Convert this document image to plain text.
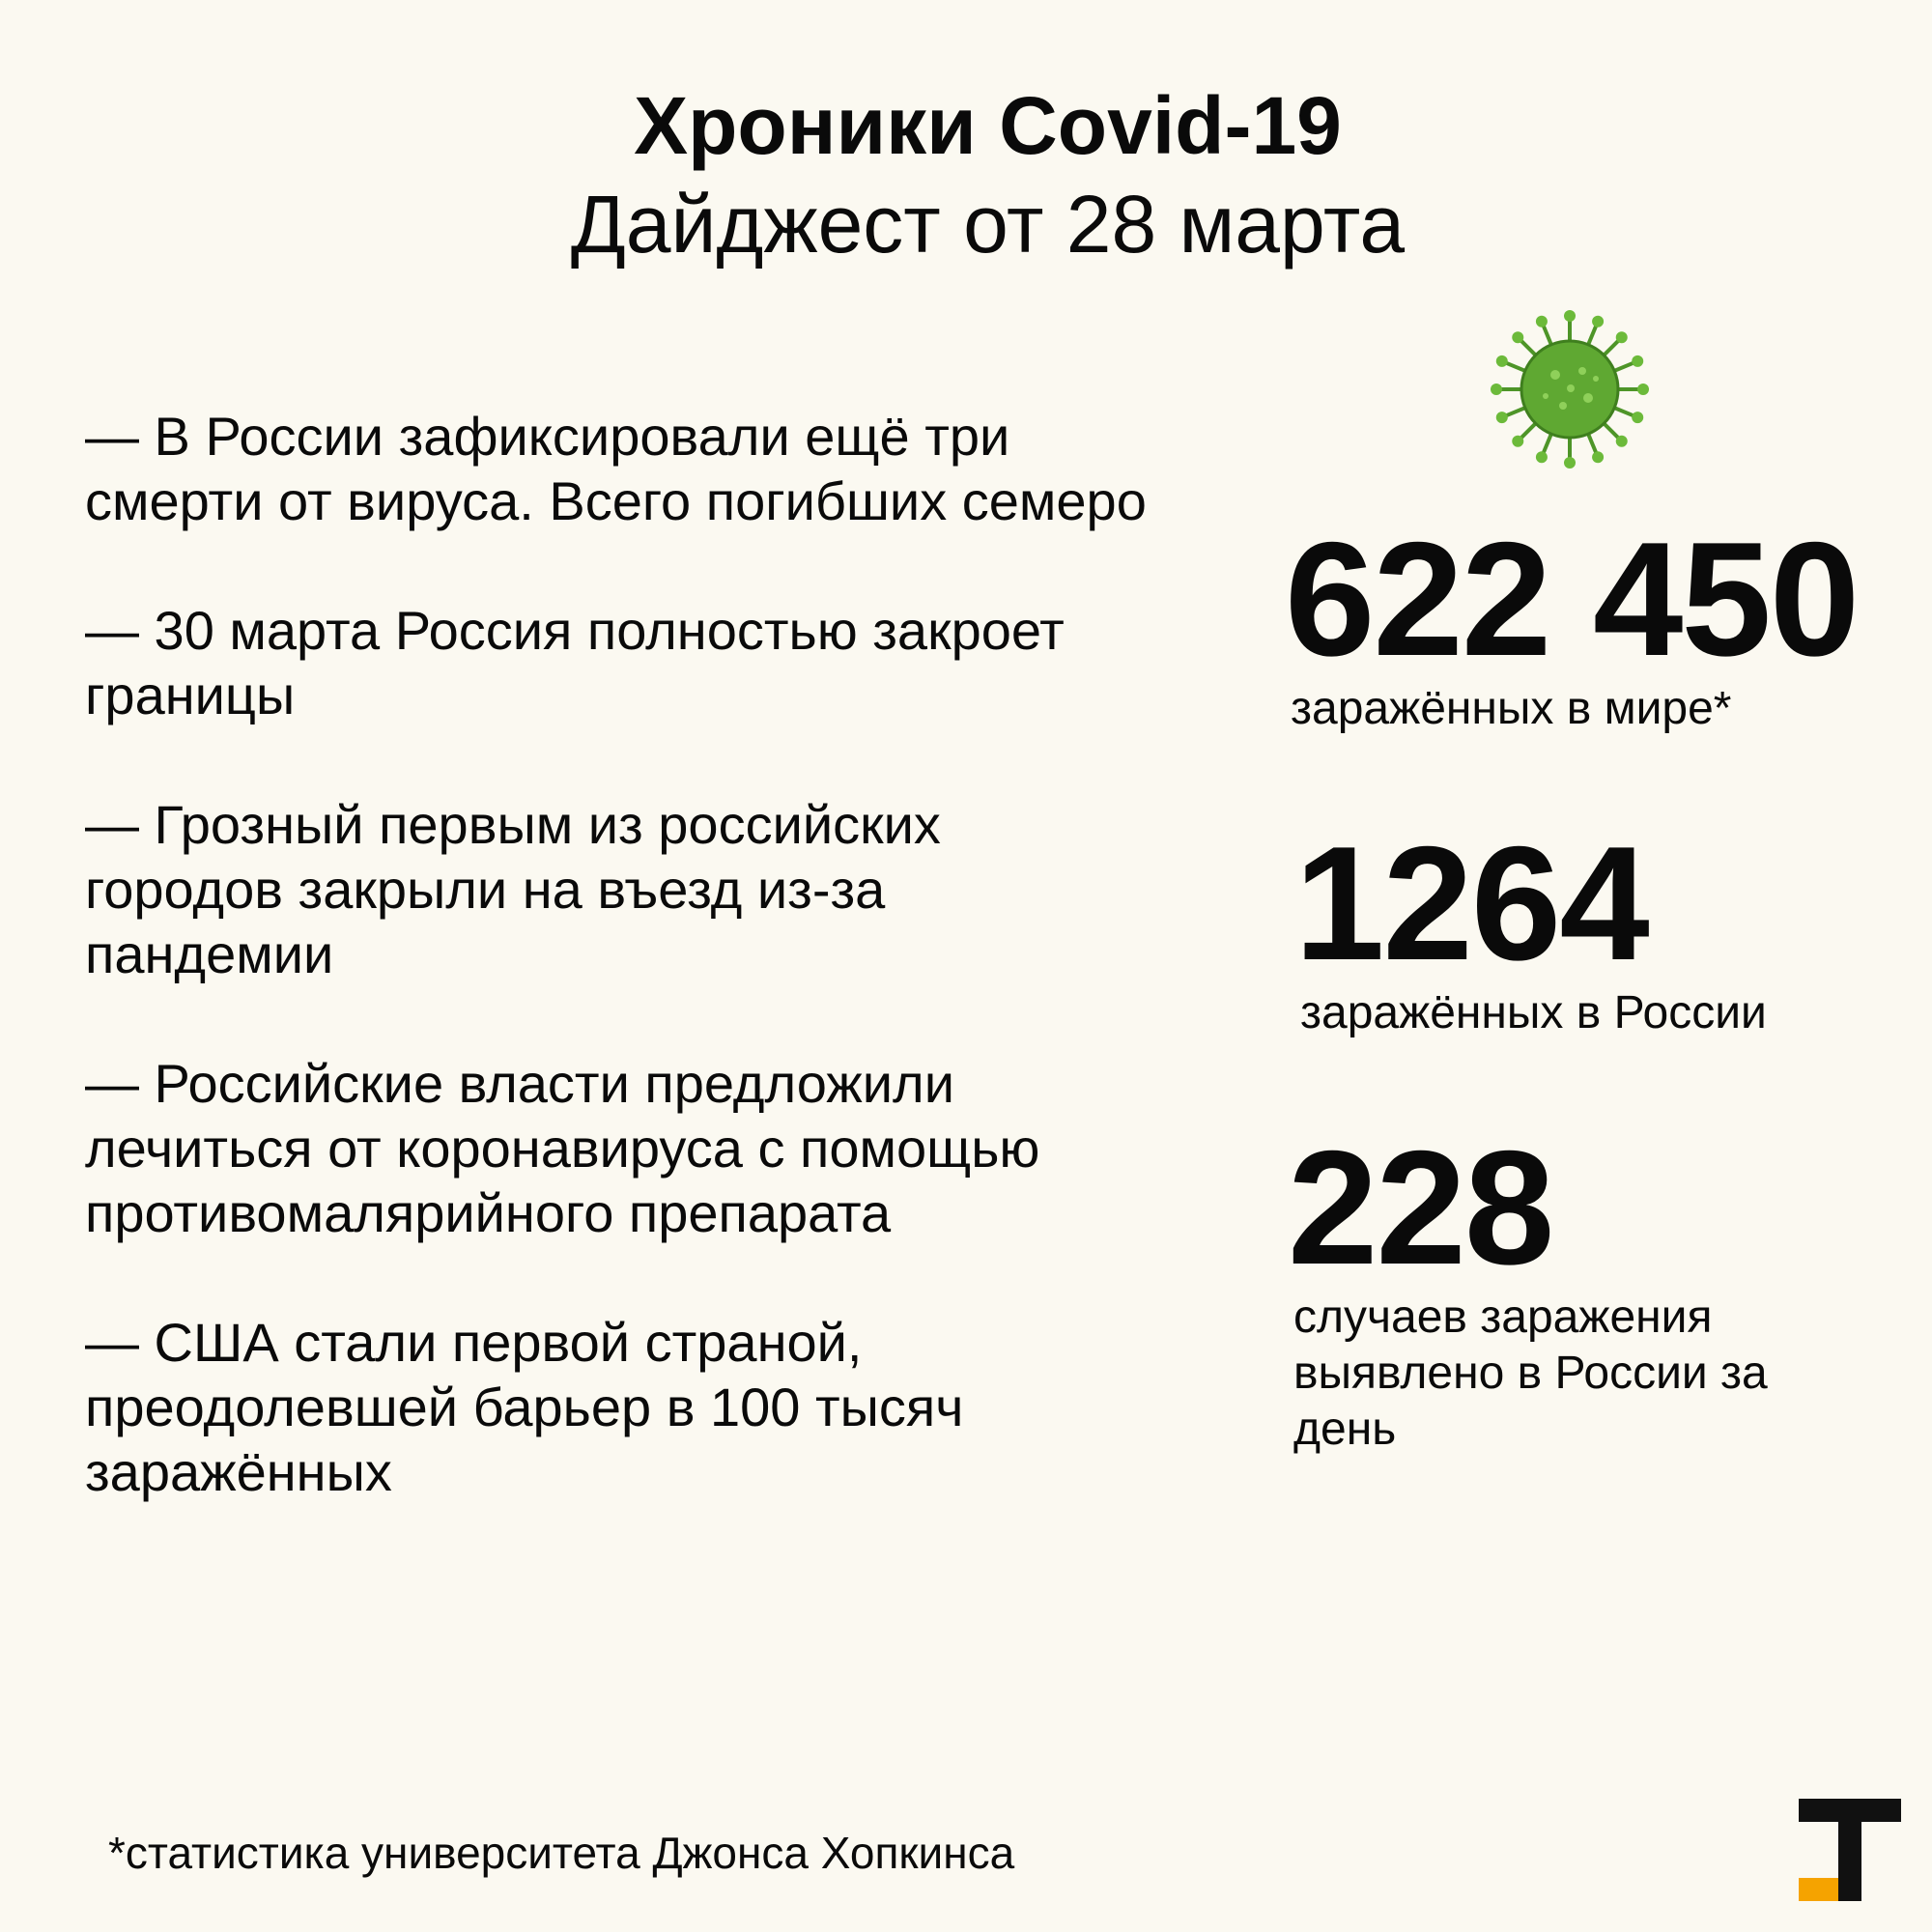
Хроники Covid-19
Дайджест от 28 марта
— В России зафиксировали ещё три
смерти от вируса. Всего погибших семеро
— 30 марта Россия полностью закроет
границы
— Грозный первым из российских
городов закрыли на въезд из-за
пандемии
— Российские власти предложили
лечиться от коронавируса с помощью
противомалярийного препарата
— США стали первой страной,
преодолевшей барьер в 100 тысяч
заражённых
622 450
заражённых в мире*
1264
заражённых в России
228
случаев заражения
выявлено в России за
день
*статистика университета Джонса Хопкинса
